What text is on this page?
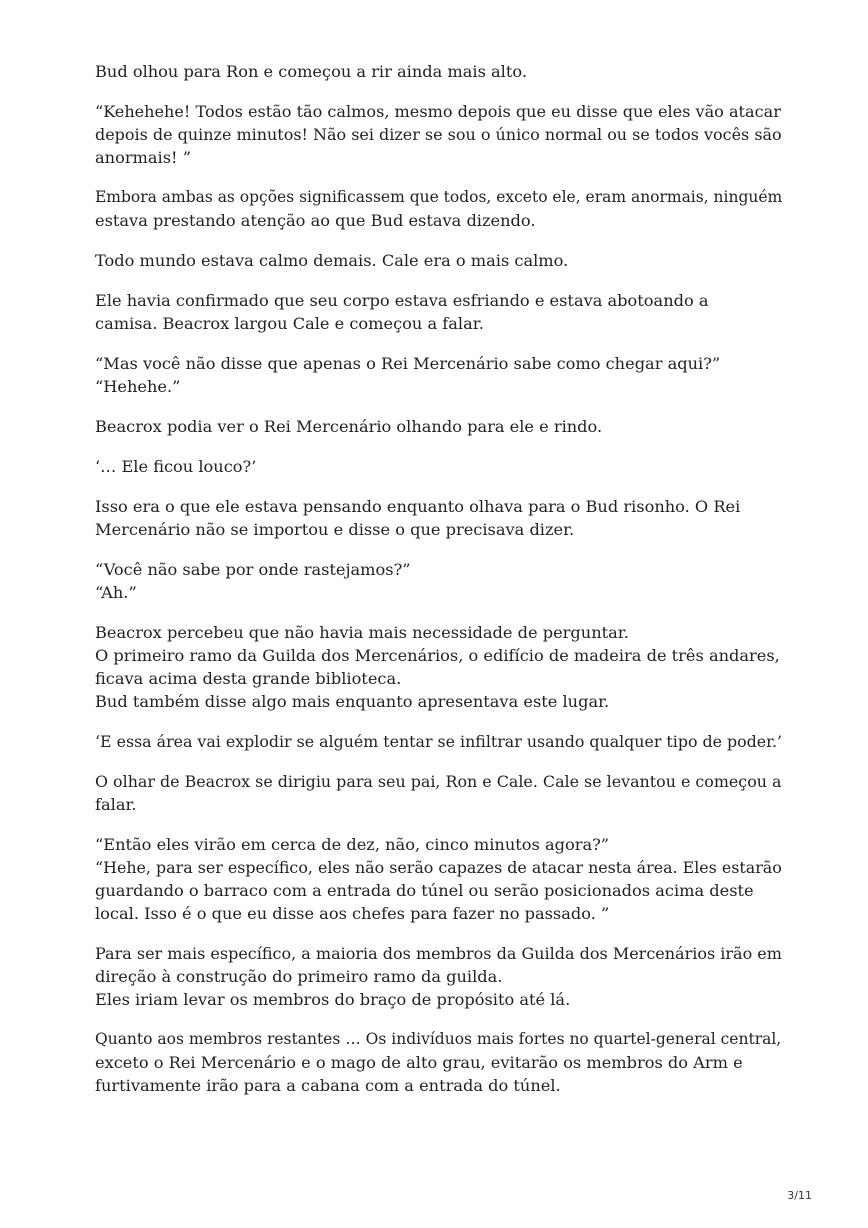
Bud olhou para Ron e começou a rir ainda mais alto.

“Kehehehe! Todos estão tão calmos, mesmo depois que eu disse que eles vão atacar
depois de quinze minutos! Não sei dizer se sou o único normal ou se todos vocês são
anormais! ”

Embora ambas as opções significassem que todos, exceto ele, eram anormais, ninguém
estava prestando atenção ao que Bud estava dizendo.

Todo mundo estava calmo demais. Cale era o mais calmo.

Ele havia confirmado que seu corpo estava esfriando e estava abotoando a
camisa. Beacrox largou Cale e começou a falar.

“Mas você não disse que apenas o Rei Mercenário sabe como chegar aqui?”
“Hehehe.”

Beacrox podia ver o Rei Mercenário olhando para ele e rindo.

‘… Ele ficou louco?’

Isso era o que ele estava pensando enquanto olhava para o Bud risonho. O Rei
Mercenário não se importou e disse o que precisava dizer.

“Você não sabe por onde rastejamos?”
“Ah.”

Beacrox percebeu que não havia mais necessidade de perguntar.
O primeiro ramo da Guilda dos Mercenários, o edifício de madeira de três andares,
ficava acima desta grande biblioteca.
Bud também disse algo mais enquanto apresentava este lugar.

‘E essa área vai explodir se alguém tentar se infiltrar usando qualquer tipo de poder.’

O olhar de Beacrox se dirigiu para seu pai, Ron e Cale. Cale se levantou e começou a
falar.

“Então eles virão em cerca de dez, não, cinco minutos agora?”
“Hehe, para ser específico, eles não serão capazes de atacar nesta área. Eles estarão
guardando o barraco com a entrada do túnel ou serão posicionados acima deste
local. Isso é o que eu disse aos chefes para fazer no passado. ”

Para ser mais específico, a maioria dos membros da Guilda dos Mercenários irão em
direção à construção do primeiro ramo da guilda.
Eles iriam levar os membros do braço de propósito até lá.

Quanto aos membros restantes … Os indivíduos mais fortes no quartel-general central,
exceto o Rei Mercenário e o mago de alto grau, evitarão os membros do Arm e
furtivamente irão para a cabana com a entrada do túnel.

3/11
